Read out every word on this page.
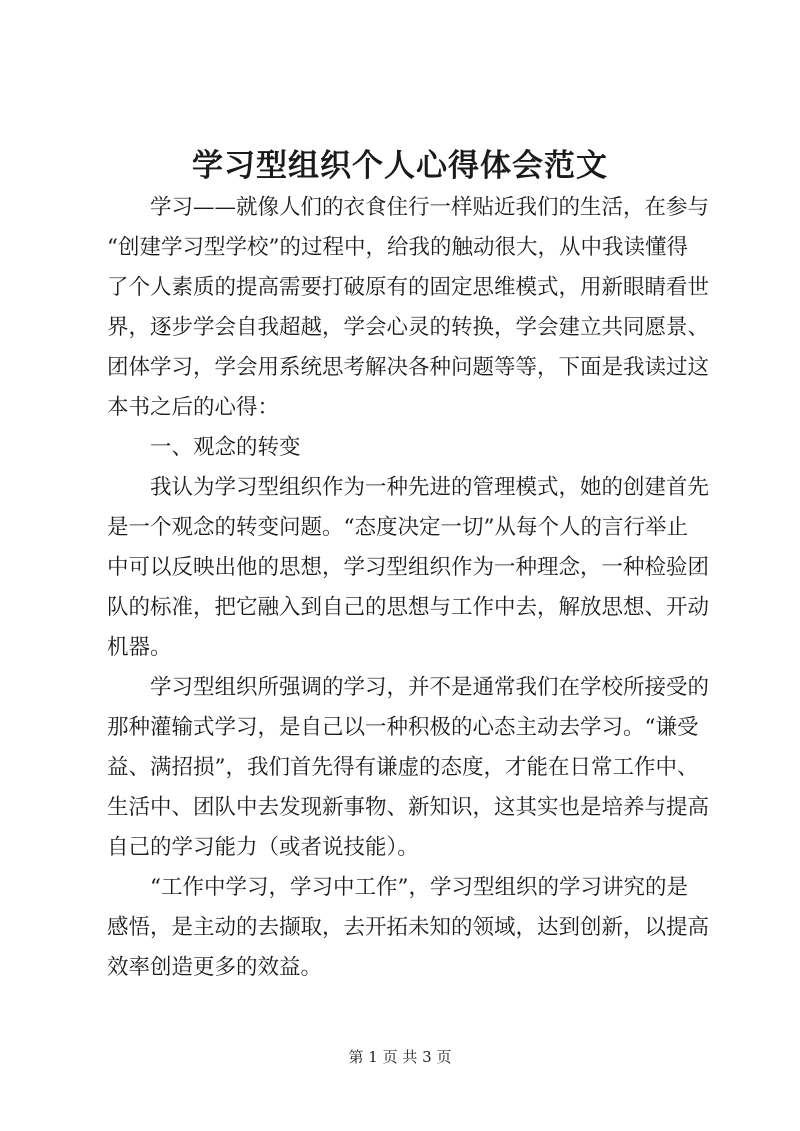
学习型组织个人心得体会范文

　　学习——就像人们的衣食住行一样贴近我们的生活，在参与

“创建学习型学校”的过程中，给我的触动很大，从中我读懂得

了个人素质的提高需要打破原有的固定思维模式，用新眼睛看世

界，逐步学会自我超越，学会心灵的转换，学会建立共同愿景、

团体学习，学会用系统思考解决各种问题等等，下面是我读过这

本书之后的心得：

　　一、观念的转变

　　我认为学习型组织作为一种先进的管理模式，她的创建首先

是一个观念的转变问题。“态度决定一切”从每个人的言行举止

中可以反映出他的思想，学习型组织作为一种理念，一种检验团

队的标准，把它融入到自己的思想与工作中去，解放思想、开动

机器。

　　学习型组织所强调的学习，并不是通常我们在学校所接受的

那种灌输式学习，是自己以一种积极的心态主动去学习。“谦受

益、满招损”，我们首先得有谦虚的态度，才能在日常工作中、

生活中、团队中去发现新事物、新知识，这其实也是培养与提高

自己的学习能力（或者说技能）。

　　“工作中学习，学习中工作”，学习型组织的学习讲究的是

感悟，是主动的去撷取，去开拓未知的领域，达到创新，以提高

效率创造更多的效益。

第 1 页 共 3 页
